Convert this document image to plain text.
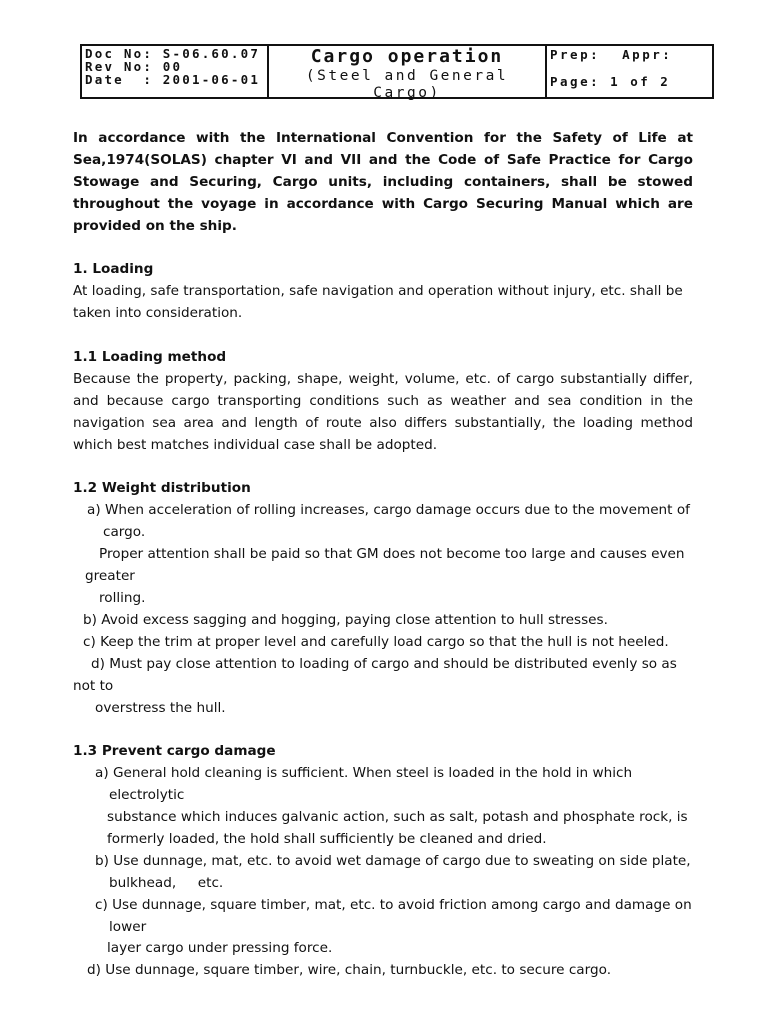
Doc No: S-06.60.07
Rev No: 00
Date  : 2001-06-01
Cargo operation
(Steel and General
Cargo)
Prep: Appr:
Page: 1 of 2

In accordance with the International Convention for the Safety of Life at Sea,1974(SOLAS) chapter VI and VII and the Code of Safe Practice for Cargo Stowage and Securing, Cargo units, including containers, shall be stowed throughout the voyage in accordance with Cargo Securing Manual which are provided on the ship.

1. Loading

At loading, safe transportation, safe navigation and operation without injury, etc. shall be taken into consideration.

1.1 Loading method

Because the property, packing, shape, weight, volume, etc. of cargo substantially differ, and because cargo transporting conditions such as weather and sea condition in the navigation sea area and length of route also differs substantially, the loading method which best matches individual case shall be adopted.

1.2 Weight distribution

a) When acceleration of rolling increases, cargo damage occurs due to the movement of

cargo.

Proper attention shall be paid so that GM does not become too large and causes even

greater

rolling.

b) Avoid excess sagging and hogging, paying close attention to hull stresses.

c) Keep the trim at proper level and carefully load cargo so that the hull is not heeled.

d) Must pay close attention to loading of cargo and should be distributed evenly so as

not to

overstress the hull.

1.3 Prevent cargo damage

a) General hold cleaning is sufficient. When steel is loaded in the hold in which

electrolytic

substance which induces galvanic action, such as salt, potash and phosphate rock, is

formerly loaded, the hold shall sufficiently be cleaned and dried.

b) Use dunnage, mat, etc. to avoid wet damage of cargo due to sweating on side plate,

bulkhead,     etc.

c) Use dunnage, square timber, mat, etc. to avoid friction among cargo and damage on

lower

layer cargo under pressing force.

d) Use dunnage, square timber, wire, chain, turnbuckle, etc. to secure cargo.
